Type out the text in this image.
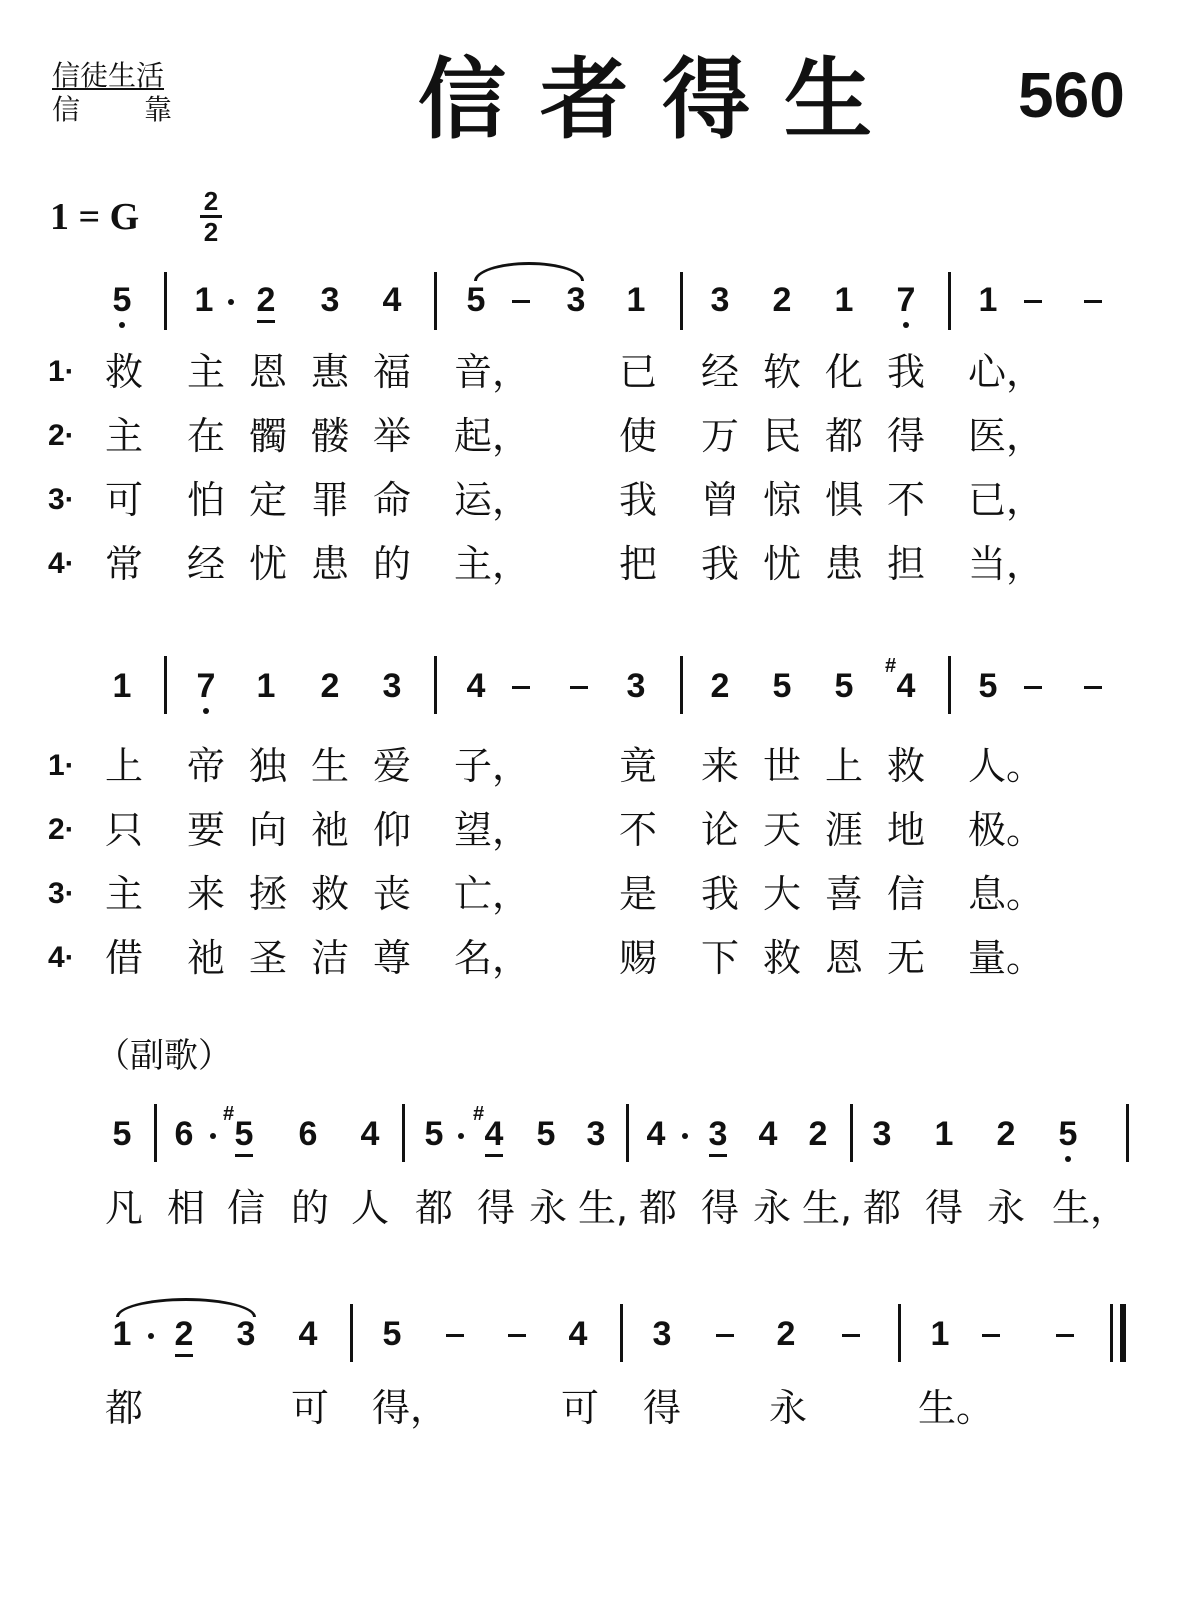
信徒生活
信 靠	信者得生 560
1 = G 2
2
5 1 2 3 4 5 3 1 3 2 1 7 1
1·
2·
3·
4·
救 主 恩 惠 福 音， 已 经 软 化 我 心，
主 在 髑 髅 举 起， 使 万 民 都 得 医，
可 怕 定 罪 命 运， 我 曾 惊 惧 不 已，
常 经 忧 患 的 主， 把 我 忧 患 担 当，
1 7 1 2 3 4	3 2 5 5
#
4 5
1·
2·
3·
4·
上 帝 独 生 爱 子， 竟 来 世 上 救 人。
只 要 向 祂 仰 望， 不 论 天 涯 地 极。
主 来 拯 救 丧 亡， 是 我 大 喜 信 息。
借 祂 圣 洁 尊 名， 赐 下 救 恩 无 量。
（副歌）
5 6
#
5 6 4 5
#
4 5 3 4 3 4 2 3 1 2 5
凡 相 信 的 人 都 得 永 生, 都 得 永 生, 都 得 永 生，
1 2 3 4 5	4 3	2	1
都	可 得，	可 得 永	生。
